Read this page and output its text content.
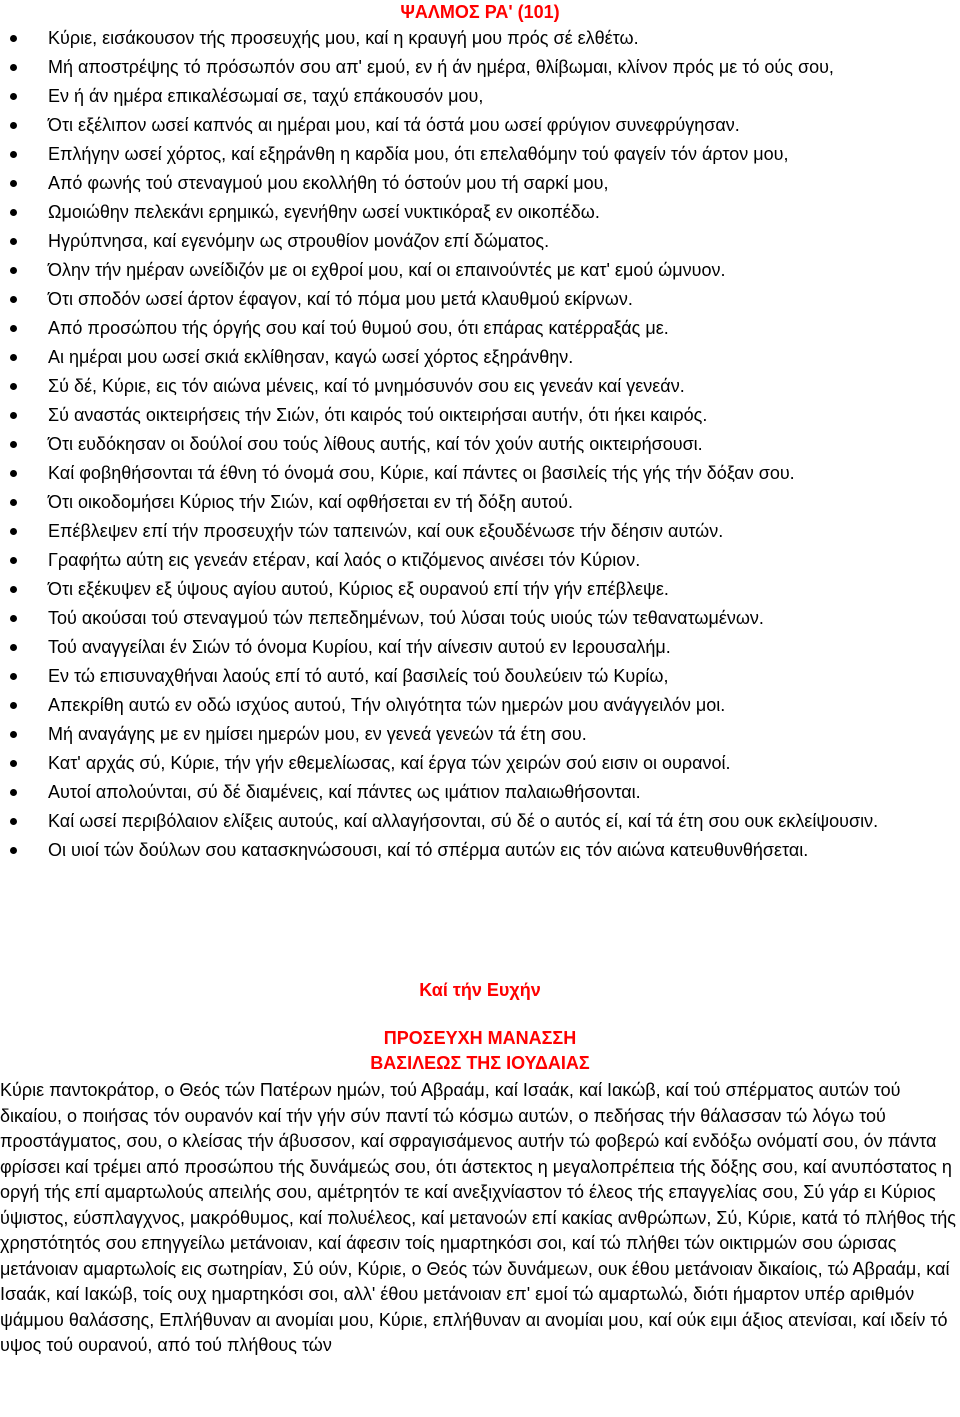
ΨΑΛΜΟΣ ΡΑ' (101)
Κύριε, εισάκουσον τής προσευχής μου, καί η κραυγή μου πρός σέ ελθέτω.
Μή αποστρέψης τό πρόσωπόν σου απ' εμού, εν ή άν ημέρα, θλίβωμαι, κλίνον πρός με τό ούς σου,
Εν ή άν ημέρα επικαλέσωμαί σε, ταχύ επάκουσόν μου,
Ότι εξέλιπον ωσεί καπνός αι ημέραι μου, καί τά όστά μου ωσεί φρύγιον συνεφρύγησαν.
Επλήγην ωσεί χόρτος, καί εξηράνθη η καρδία μου, ότι επελαθόμην τού φαγείν τόν άρτον μου,
Από φωνής τού στεναγμού μου εκολλήθη τό όστούν μου τή σαρκί μου,
Ωμοιώθην πελεκάνι ερημικώ, εγενήθην ωσεί νυκτικόραξ εν οικοπέδω.
Ηγρύπνησα, καί εγενόμην ως στρουθίον μονάζον επί δώματος.
Όλην τήν ημέραν ωνείδιζόν με οι εχθροί μου, καί οι επαινούντές με κατ' εμού ώμνυον.
Ότι σποδόν ωσεί άρτον έφαγον, καί τό πόμα μου μετά κλαυθμού εκίρνων.
Από προσώπου τής όργής σου καί τού θυμού σου, ότι επάρας κατέρραξάς με.
Αι ημέραι μου ωσεί σκιά εκλίθησαν, καγώ ωσεί χόρτος εξηράνθην.
Σύ δέ, Κύριε, εις τόν αιώνα μένεις, καί τό μνημόσυνόν σου εις γενεάν καί γενεάν.
Σύ αναστάς οικτειρήσεις τήν Σιών, ότι καιρός τού οικτειρήσαι αυτήν, ότι ήκει καιρός.
Ότι ευδόκησαν οι δούλοί σου τούς λίθους αυτής, καί τόν χούν αυτής οικτειρήσουσι.
Καί φοβηθήσονται τά έθνη τό όνομά σου, Κύριε, καί πάντες οι βασιλείς τής γής τήν δόξαν σου.
Ότι οικοδομήσει Κύριος τήν Σιών, καί οφθήσεται εν τή δόξη αυτού.
Επέβλεψεν επί τήν προσευχήν τών ταπεινών, καί ουκ εξουδένωσε τήν δέησιν αυτών.
Γραφήτω αύτη εις γενεάν ετέραν, καί λαός ο κτιζόμενος αινέσει τόν Κύριον.
Ότι εξέκυψεν εξ ύψους αγίου αυτού, Κύριος εξ ουρανού επί τήν γήν επέβλεψε.
Τού ακούσαι τού στεναγμού τών πεπεδημένων, τού λύσαι τούς υιούς τών τεθανατωμένων.
Τού αναγγείλαι έν Σιών τό όνομα Κυρίου, καί τήν αίνεσιν αυτού εν Ιερουσαλήμ.
Εν τώ επισυναχθήναι λαούς επί τό αυτό, καί βασιλείς τού δουλεύειν τώ Κυρίω,
Απεκρίθη αυτώ εν οδώ ισχύος αυτού, Τήν ολιγότητα τών ημερών μου ανάγγειλόν μοι.
Μή αναγάγης με εν ημίσει ημερών μου, εν γενεά γενεών τά έτη σου.
Κατ' αρχάς σύ, Κύριε, τήν γήν εθεμελίωσας, καί έργα τών χειρών σού εισιν οι ουρανοί.
Αυτοί απολούνται, σύ δέ διαμένεις, καί πάντες ως ιμάτιον παλαιωθήσονται.
Καί ωσεί περιβόλαιον ελίξεις αυτούς, καί αλλαγήσονται, σύ δέ ο αυτός εί, καί τά έτη σου ουκ εκλείψουσιν.
Οι υιοί τών δούλων σου κατασκηνώσουσι, καί τό σπέρμα αυτών εις τόν αιώνα κατευθυνθήσεται.
Καί τήν Ευχήν
ΠΡΟΣΕΥΧΗ ΜΑΝΑΣΣΗ
ΒΑΣΙΛΕΩΣ ΤΗΣ ΙΟΥΔΑΙΑΣ

Κύριε παντοκράτορ, ο Θεός τών Πατέρων ημών, τού Αβραάμ, καί Ισαάκ, καί Ιακώβ, καί τού σπέρματος αυτών τού δικαίου, ο ποιήσας τόν ουρανόν καί τήν γήν σύν παντί τώ κόσμω αυτών, ο πεδήσας τήν θάλασσαν τώ λόγω τού προστάγματος, σου, ο κλείσας τήν άβυσσον, καί σφραγισάμενος αυτήν τώ φοβερώ καί ενδόξω ονόματί σου, όν πάντα φρίσσει καί τρέμει από προσώπου τής δυνάμεώς σου, ότι άστεκτος η μεγαλοπρέπεια τής δόξης σου, καί ανυπόστατος η οργή τής επί αμαρτωλούς απειλής σου, αμέτρητόν τε καί ανεξιχνίαστον τό έλεος τής επαγγελίας σου, Σύ γάρ ει Κύριος ύψιστος, εύσπλαγχνος, μακρόθυμος, καί πολυέλεος, καί μετανοών επί κακίας ανθρώπων, Σύ, Κύριε, κατά τό πλήθος τής χρηστότητός σου επηγγείλω μετάνοιαν, καί άφεσιν τοίς ημαρτηκόσι σοι, καί τώ πλήθει τών οικτιρμών σου ώρισας μετάνοιαν αμαρτωλοίς εις σωτηρίαν, Σύ ούν, Κύριε, ο Θεός τών δυνάμεων, ουκ έθου μετάνοιαν δικαίοις, τώ Αβραάμ, καί Ισαάκ, καί Ιακώβ, τοίς ουχ ημαρτηκόσι σοι, αλλ' έθου μετάνοιαν επ' εμοί τώ αμαρτωλώ, διότι ήμαρτον υπέρ αριθμόν ψάμμου θαλάσσης, Επλήθυναν αι ανομίαι μου, Κύριε, επλήθυναν αι ανομίαι μου, καί ούκ ειμι άξιος ατενίσαι, καί ιδείν τό υψος τού ουρανού, από τού πλήθους τών
